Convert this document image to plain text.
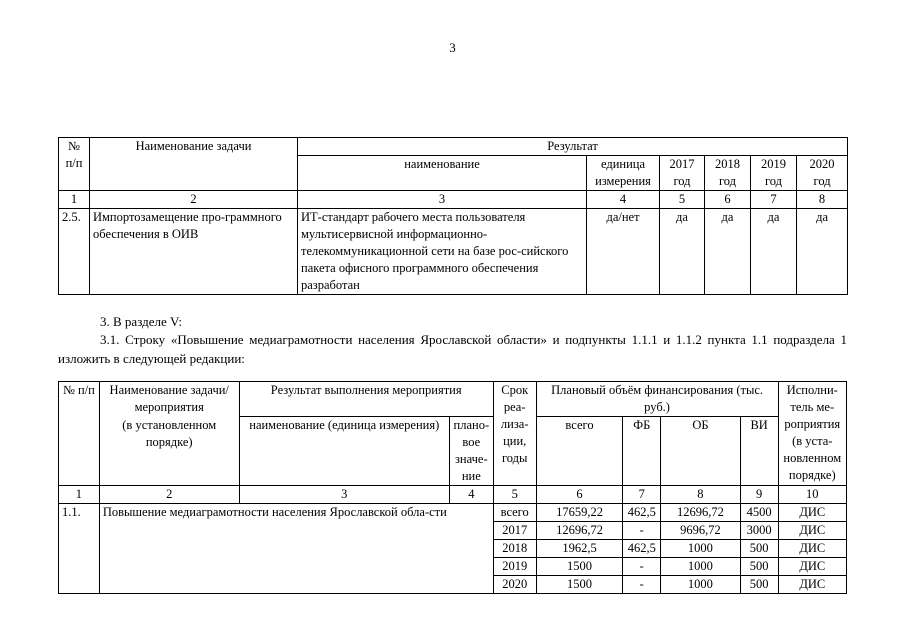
3
№ п/п	Наименование задачи	Результат					
		наименование	единица измерения	2017 год	2018 год	2019 год	2020 год
1	2	3	4	5	6	7	8
2.5.	Импортозамещение про-граммного обеспечения в ОИВ	ИТ-стандарт рабочего места пользователя мультисервисной информационно-телекоммуникационной сети на базе рос-сийского пакета офисного программного обеспечения разработан	да/нет	да	да	да	да
3. В разделе V:
3.1. Строку «Повышение медиаграмотности населения Ярославской области» и подпункты 1.1.1 и 1.1.2 пункта 1.1 подраздела 1 изложить в следующей редакции:
№ п/п	Наименование задачи/мероприятия	Результат выполнения мероприятия		Срок реа-лиза-ции, годы	Плановый объём финансирования (тыс. руб.)				Исполни-тель ме-роприятия (в уста-новленном порядке)
	(в установленном порядке)	наименование (единица измерения)	плано-вое значе-ние		всего	ФБ	ОБ	ВИ	
1	2	3	4	5	6	7	8	9	10
1.1.	Повышение медиаграмотности населения Ярославской обла-сти			всего	17659,22	462,5	12696,72	4500	ДИС
				2017	12696,72	-	9696,72	3000	ДИС
				2018	1962,5	462,5	1000	500	ДИС
				2019	1500	-	1000	500	ДИС
				2020	1500	-	1000	500	ДИС
